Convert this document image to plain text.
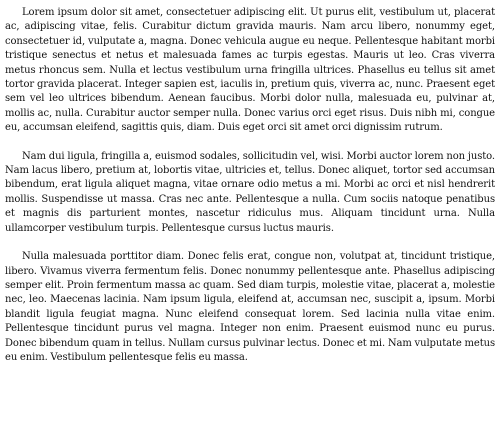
Lorem ipsum dolor sit amet, consectetuer adipiscing elit. Ut purus elit, vestibulum ut, placerat ac, adipiscing vitae, felis. Curabitur dictum gravida mauris. Nam arcu libero, nonummy eget, consectetuer id, vulputate a, magna. Donec vehicula augue eu neque. Pellentesque habitant morbi tristique senectus et netus et malesuada fames ac turpis egestas. Mauris ut leo. Cras viverra metus rhoncus sem. Nulla et lectus vestibulum urna fringilla ultrices. Phasellus eu tellus sit amet tortor gravida placerat. Integer sapien est, iaculis in, pretium quis, viverra ac, nunc. Praesent eget sem vel leo ultrices bibendum. Aenean faucibus. Morbi dolor nulla, malesuada eu, pulvinar at, mollis ac, nulla. Curabitur auctor semper nulla. Donec varius orci eget risus. Duis nibh mi, congue eu, accumsan eleifend, sagittis quis, diam. Duis eget orci sit amet orci dignissim rutrum.

Nam dui ligula, fringilla a, euismod sodales, sollicitudin vel, wisi. Morbi auctor lorem non justo. Nam lacus libero, pretium at, lobortis vitae, ultricies et, tellus. Donec aliquet, tortor sed accumsan bibendum, erat ligula aliquet magna, vitae ornare odio metus a mi. Morbi ac orci et nisl hendrerit mollis. Suspendisse ut massa. Cras nec ante. Pellentesque a nulla. Cum sociis natoque penatibus et magnis dis parturient montes, nascetur ridiculus mus. Aliquam tincidunt urna. Nulla ullamcorper vestibulum turpis. Pellentesque cursus luctus mauris.

Nulla malesuada porttitor diam. Donec felis erat, congue non, volutpat at, tincidunt tristique, libero. Vivamus viverra fermentum felis. Donec nonummy pellentesque ante. Phasellus adipiscing semper elit. Proin fermentum massa ac quam. Sed diam turpis, molestie vitae, placerat a, molestie nec, leo. Maecenas lacinia. Nam ipsum ligula, eleifend at, accumsan nec, suscipit a, ipsum. Morbi blandit ligula feugiat magna. Nunc eleifend consequat lorem. Sed lacinia nulla vitae enim. Pellentesque tincidunt purus vel magna. Integer non enim. Praesent euismod nunc eu purus. Donec bibendum quam in tellus. Nullam cursus pulvinar lectus. Donec et mi. Nam vulputate metus eu enim. Vestibulum pellentesque felis eu massa.
